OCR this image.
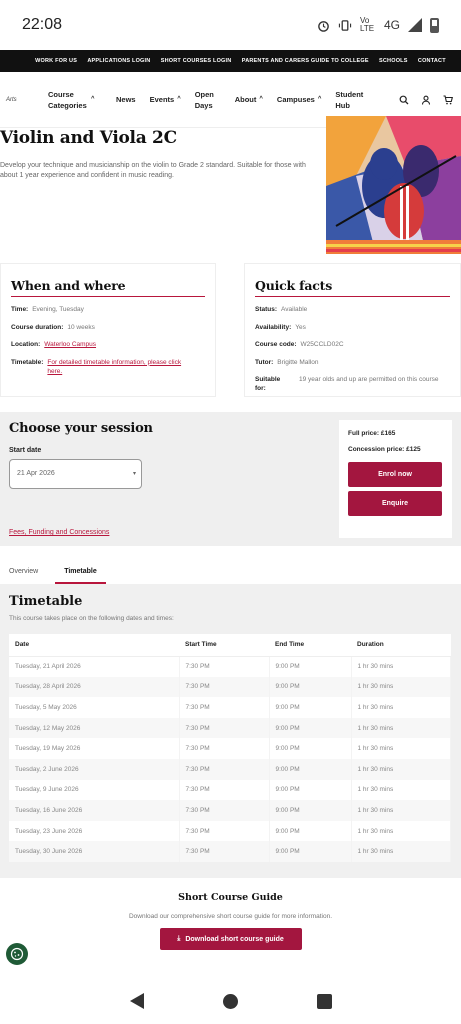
22:08	Vo LTE 4G
WORK FOR US APPLICATIONS LOGIN SHORT COURSES LOGIN PARENTS AND CARERS GUIDE TO COLLEGE SCHOOLS CONTACT
Arts
Course Categories
^	News Events ^
Open Days
About ^ Campuses ^
Student Hub
Violin and Viola 2C

Develop your technique and musicianship on the violin to Grade 2 standard. Suitable for those with about 1 year experience and confident in music reading.

When and where
Time: Evening, Tuesday
Course duration: 10 weeks
Location: Waterloo Campus
Timetable: For detailed timetable information, please click here.
Quick facts
Status: Available
Availability: Yes
Course code: W25CCLD02C
Tutor: Brigitte Mallon
Suitable for:
19 year olds and up are permitted on this course
Choose your session
Start date
21 Apr 2026	▾
Fees, Funding and Concessions
Full price: £165
Concession price: £125
Enrol now
Enquire
Overview	Timetable
Timetable
This course takes place on the following dates and times:
Date	Start Time	End Time	Duration
Tuesday, 21 April 2026	7:30 PM	9:00 PM	1 hr 30 mins
Tuesday, 28 April 2026	7:30 PM	9:00 PM	1 hr 30 mins
Tuesday, 5 May 2026	7:30 PM	9:00 PM	1 hr 30 mins
Tuesday, 12 May 2026	7:30 PM	9:00 PM	1 hr 30 mins
Tuesday, 19 May 2026	7:30 PM	9:00 PM	1 hr 30 mins
Tuesday, 2 June 2026	7:30 PM	9:00 PM	1 hr 30 mins
Tuesday, 9 June 2026	7:30 PM	9:00 PM	1 hr 30 mins
Tuesday, 16 June 2026	7:30 PM	9:00 PM	1 hr 30 mins
Tuesday, 23 June 2026	7:30 PM	9:00 PM	1 hr 30 mins
Tuesday, 30 June 2026	7:30 PM	9:00 PM	1 hr 30 mins
Short Course Guide

Download our comprehensive short course guide for more information.

⤓ Download short course guide
